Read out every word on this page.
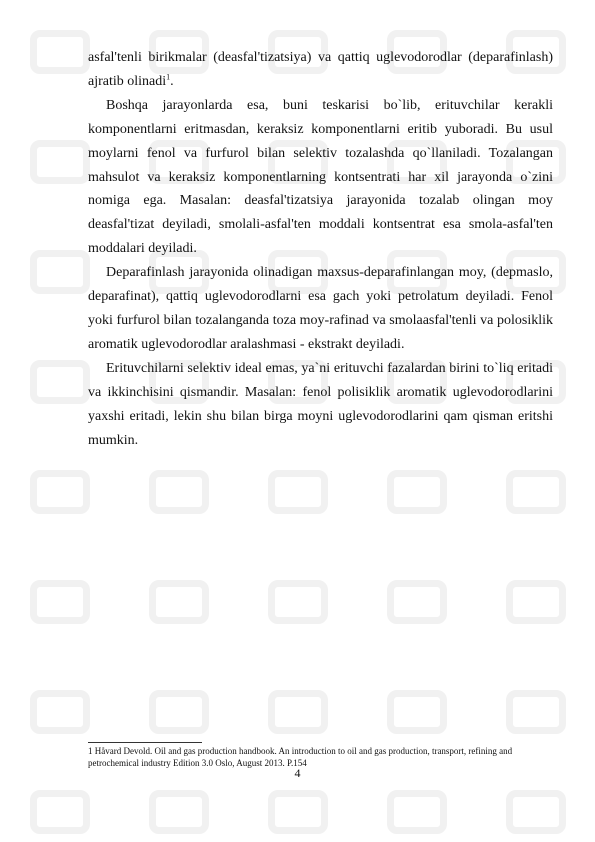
asfal'tenli birikmalar (deasfal'tizatsiya) va qattiq uglevodorodlar (deparafinlash) ajratib olinadi$^1$.

Boshqa jarayonlarda esa, buni teskarisi bo`lib, erituvchilar kerakli komponentlarni eritmasdan, keraksiz komponentlarni eritib yuboradi. Bu usul moylarni fenol va furfurol bilan selektiv tozalashda qo`llaniladi. Tozalangan mahsulot va keraksiz komponentlarning kontsentrati har xil jarayonda o`zini nomiga ega. Masalan: deasfal'tizatsiya jarayonida tozalab olingan moy deasfal'tizat deyiladi, smolali-asfal'ten moddali kontsentrat esa smola-asfal'ten moddalari deyiladi.

Deparafinlash jarayonida olinadigan maxsus-deparafinlangan moy, (depmaslo, deparafinat), qattiq uglevodorodlarni esa gach yoki petrolatum deyiladi. Fenol yoki furfurol bilan tozalanganda toza moy-rafinad va smolaasfal'tenli va polosiklik aromatik uglevodorodlar aralashmasi - ekstrakt deyiladi.

Erituvchilarni selektiv ideal emas, ya`ni erituvchi fazalardan birini to`liq eritadi va ikkinchisini qismandir. Masalan: fenol polisiklik aromatik uglevodorodlarini yaxshi eritadi, lekin shu bilan birga moyni uglevodorodlarini qam qisman eritshi mumkin.

1 Håvard Devold. Oil and gas production handbook. An introduction to oil and gas production, transport, refining and petrochemical industry Edition 3.0 Oslo, August 2013. P.154
4
